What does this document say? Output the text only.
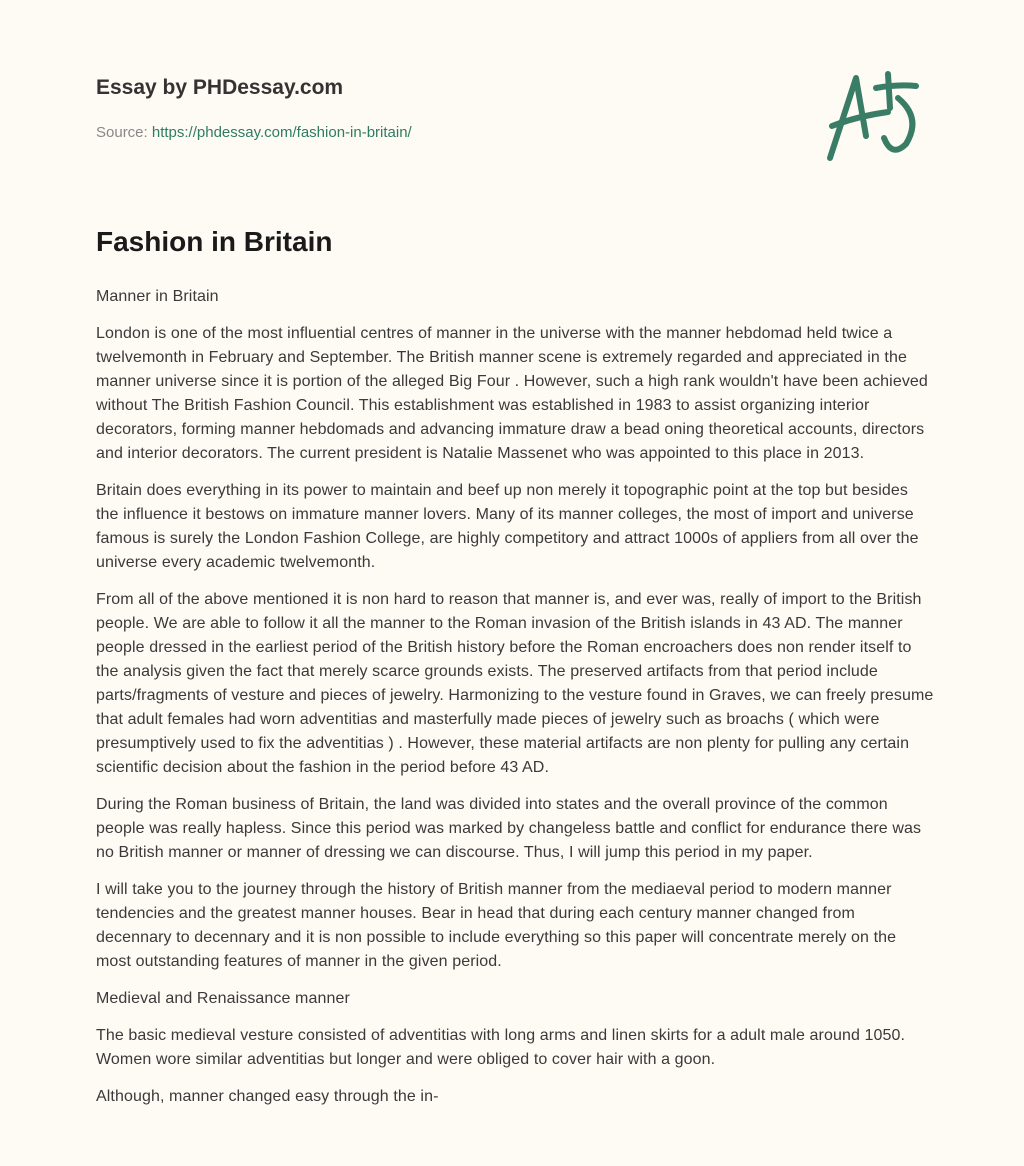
Essay by PHDessay.com
Source: https://phdessay.com/fashion-in-britain/
Fashion in Britain

Manner in Britain

London is one of the most influential centres of manner in the universe with the manner hebdomad held twice a twelvemonth in February and September. The British manner scene is extremely regarded and appreciated in the manner universe since it is portion of the alleged Big Four . However, such a high rank wouldn't have been achieved without The British Fashion Council. This establishment was established in 1983 to assist organizing interior decorators, forming manner hebdomads and advancing immature draw a bead oning theoretical accounts, directors and interior decorators. The current president is Natalie Massenet who was appointed to this place in 2013.

Britain does everything in its power to maintain and beef up non merely it topographic point at the top but besides the influence it bestows on immature manner lovers. Many of its manner colleges, the most of import and universe famous is surely the London Fashion College, are highly competitory and attract 1000s of appliers from all over the universe every academic twelvemonth.

From all of the above mentioned it is non hard to reason that manner is, and ever was, really of import to the British people. We are able to follow it all the manner to the Roman invasion of the British islands in 43 AD. The manner people dressed in the earliest period of the British history before the Roman encroachers does non render itself to the analysis given the fact that merely scarce grounds exists. The preserved artifacts from that period include parts/fragments of vesture and pieces of jewelry. Harmonizing to the vesture found in Graves, we can freely presume that adult females had worn adventitias and masterfully made pieces of jewelry such as broachs ( which were presumptively used to fix the adventitias ) . However, these material artifacts are non plenty for pulling any certain scientific decision about the fashion in the period before 43 AD.

During the Roman business of Britain, the land was divided into states and the overall province of the common people was really hapless. Since this period was marked by changeless battle and conflict for endurance there was no British manner or manner of dressing we can discourse. Thus, I will jump this period in my paper.

I will take you to the journey through the history of British manner from the mediaeval period to modern manner tendencies and the greatest manner houses. Bear in head that during each century manner changed from decennary to decennary and it is non possible to include everything so this paper will concentrate merely on the most outstanding features of manner in the given period.

Medieval and Renaissance manner

The basic medieval vesture consisted of adventitias with long arms and linen skirts for a adult male around 1050. Women wore similar adventitias but longer and were obliged to cover hair with a goon.

Although, manner changed easy through the in-
